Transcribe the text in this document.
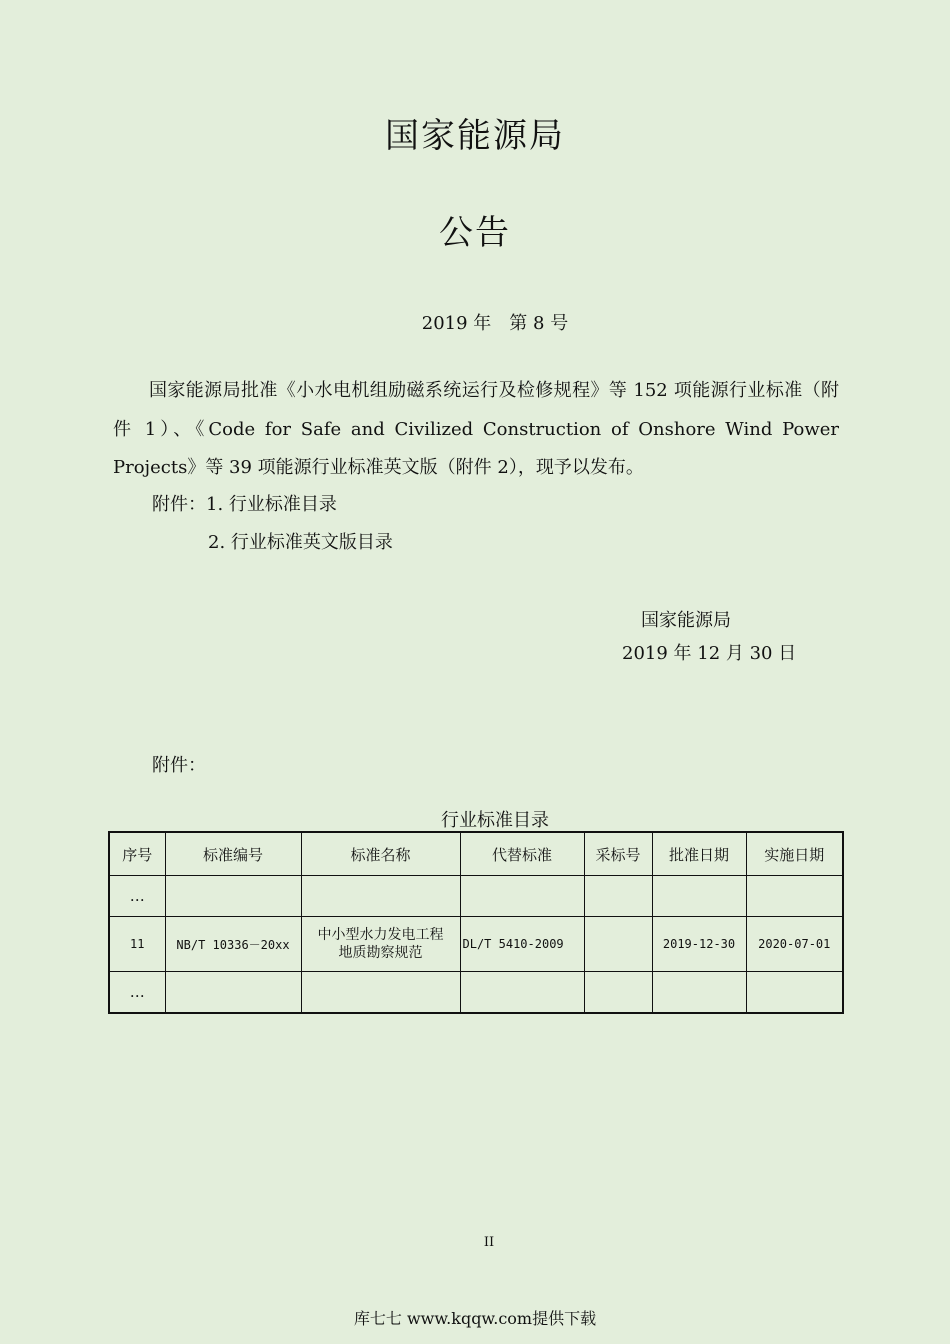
国家能源局
公告
2019 年　第 8 号
国家能源局批准《小水电机组励磁系统运行及检修规程》等 152 项能源行业标准（附件 1）、《Code for Safe and Civilized Construction of Onshore Wind Power Projects》等 39 项能源行业标准英文版（附件 2），现予以发布。
附件：1. 行业标准目录
2. 行业标准英文版目录
国家能源局
2019 年 12 月 30 日
附件：
行业标准目录
序号	标准编号	标准名称	代替标准	采标号	批准日期	实施日期
…						
11	NB/T 10336－20xx	中小型水力发电工程
地质勘察规范	DL/T 5410-2009		2019-12-30	2020-07-01
…						
II
库七七 www.kqqw.com提供下载
